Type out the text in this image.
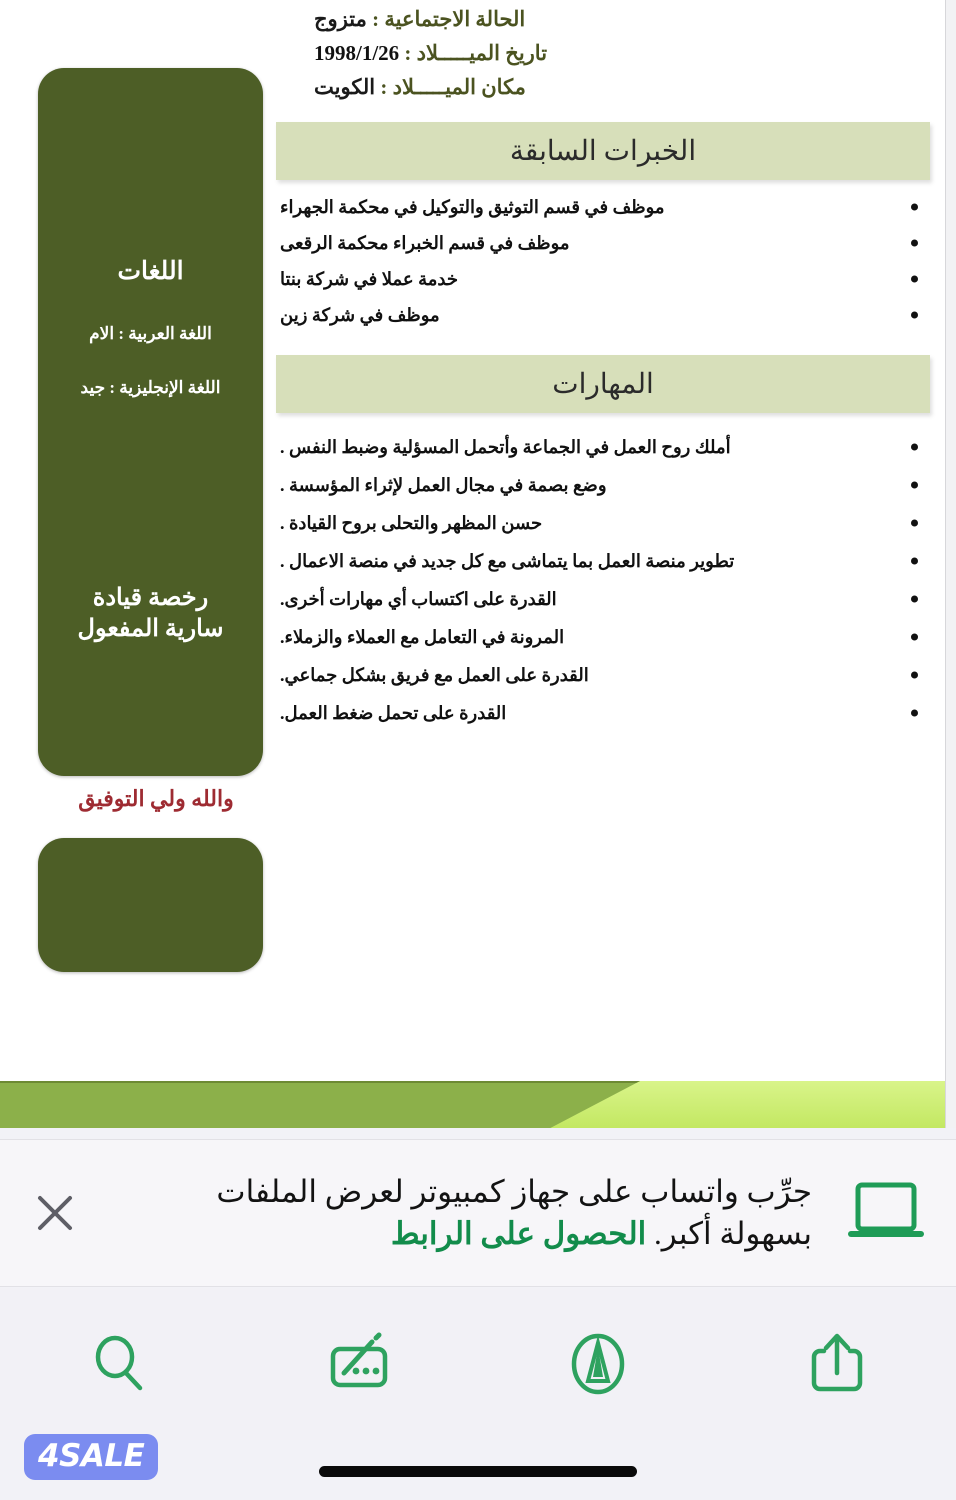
الحالة الاجتماعية : متزوج
تاريخ الميـــــلاد : 1998/1/26
مكان الميـــــلاد : الكويت
اللغات
اللغة العربية : الام
اللغة الإنجليزية : جيد
رخصة قيادة
سارية المفعول
والله ولي التوفيق
الخبرات السابقة
موظف في قسم التوثيق والتوكيل في محكمة الجهراء
موظف في قسم الخبراء محكمة الرقعى
خدمة عملا في شركة بنتا
موظف في شركة زين
المهارات
أملك روح العمل في الجماعة وأتحمل المسؤلية وضبط النفس .
وضع بصمة في مجال العمل لإثراء المؤسسة .
حسن المظهر والتحلى بروح القيادة .
تطوير منصة العمل بما يتماشى مع كل جديد في منصة الاعمال .
القدرة على اكتساب أي مهارات أخرى.
المرونة في التعامل مع العملاء والزملاء.
القدرة على العمل مع فريق بشكل جماعي.
القدرة على تحمل ضغط العمل.
جرِّب واتساب على جهاز كمبيوتر لعرض الملفات بسهولة أكبر. الحصول على الرابط
4SALE
